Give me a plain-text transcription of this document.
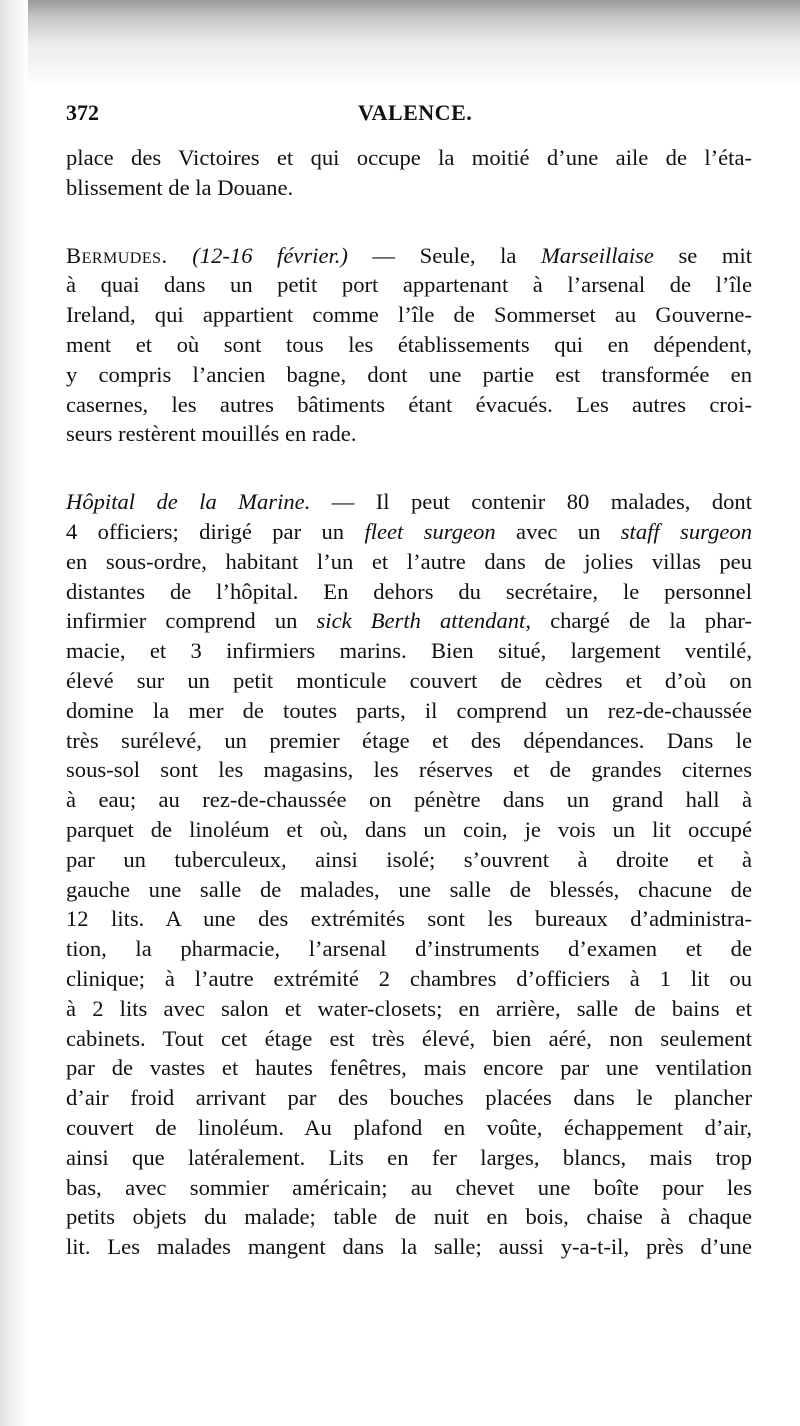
372	VALENCE.
place des Victoires et qui occupe la moitié d’une aile de l’éta-
blissement de la Douane.
Bermudes. (12-16 février.) — Seule, la Marseillaise se mit
à quai dans un petit port appartenant à l’arsenal de l’île
Ireland, qui appartient comme l’île de Sommerset au Gouverne-
ment et où sont tous les établissements qui en dépendent,
y compris l’ancien bagne, dont une partie est transformée en
casernes, les autres bâtiments étant évacués. Les autres croi-
seurs restèrent mouillés en rade.
Hôpital de la Marine. — Il peut contenir 80 malades, dont
4 officiers; dirigé par un fleet surgeon avec un staff surgeon
en sous-ordre, habitant l’un et l’autre dans de jolies villas peu
distantes de l’hôpital. En dehors du secrétaire, le personnel
infirmier comprend un sick Berth attendant, chargé de la phar-
macie, et 3 infirmiers marins. Bien situé, largement ventilé,
élevé sur un petit monticule couvert de cèdres et d’où on
domine la mer de toutes parts, il comprend un rez-de-chaussée
très surélevé, un premier étage et des dépendances. Dans le
sous-sol sont les magasins, les réserves et de grandes citernes
à eau; au rez-de-chaussée on pénètre dans un grand hall à
parquet de linoléum et où, dans un coin, je vois un lit occupé
par un tuberculeux, ainsi isolé; s’ouvrent à droite et à
gauche une salle de malades, une salle de blessés, chacune de
12 lits. A une des extrémités sont les bureaux d’administra-
tion, la pharmacie, l’arsenal d’instruments d’examen et de
clinique; à l’autre extrémité 2 chambres d’officiers à 1 lit ou
à 2 lits avec salon et water-closets; en arrière, salle de bains et
cabinets. Tout cet étage est très élevé, bien aéré, non seulement
par de vastes et hautes fenêtres, mais encore par une ventilation
d’air froid arrivant par des bouches placées dans le plancher
couvert de linoléum. Au plafond en voûte, échappement d’air,
ainsi que latéralement. Lits en fer larges, blancs, mais trop
bas, avec sommier américain; au chevet une boîte pour les
petits objets du malade; table de nuit en bois, chaise à chaque
lit. Les malades mangent dans la salle; aussi y-a-t-il, près d’une
